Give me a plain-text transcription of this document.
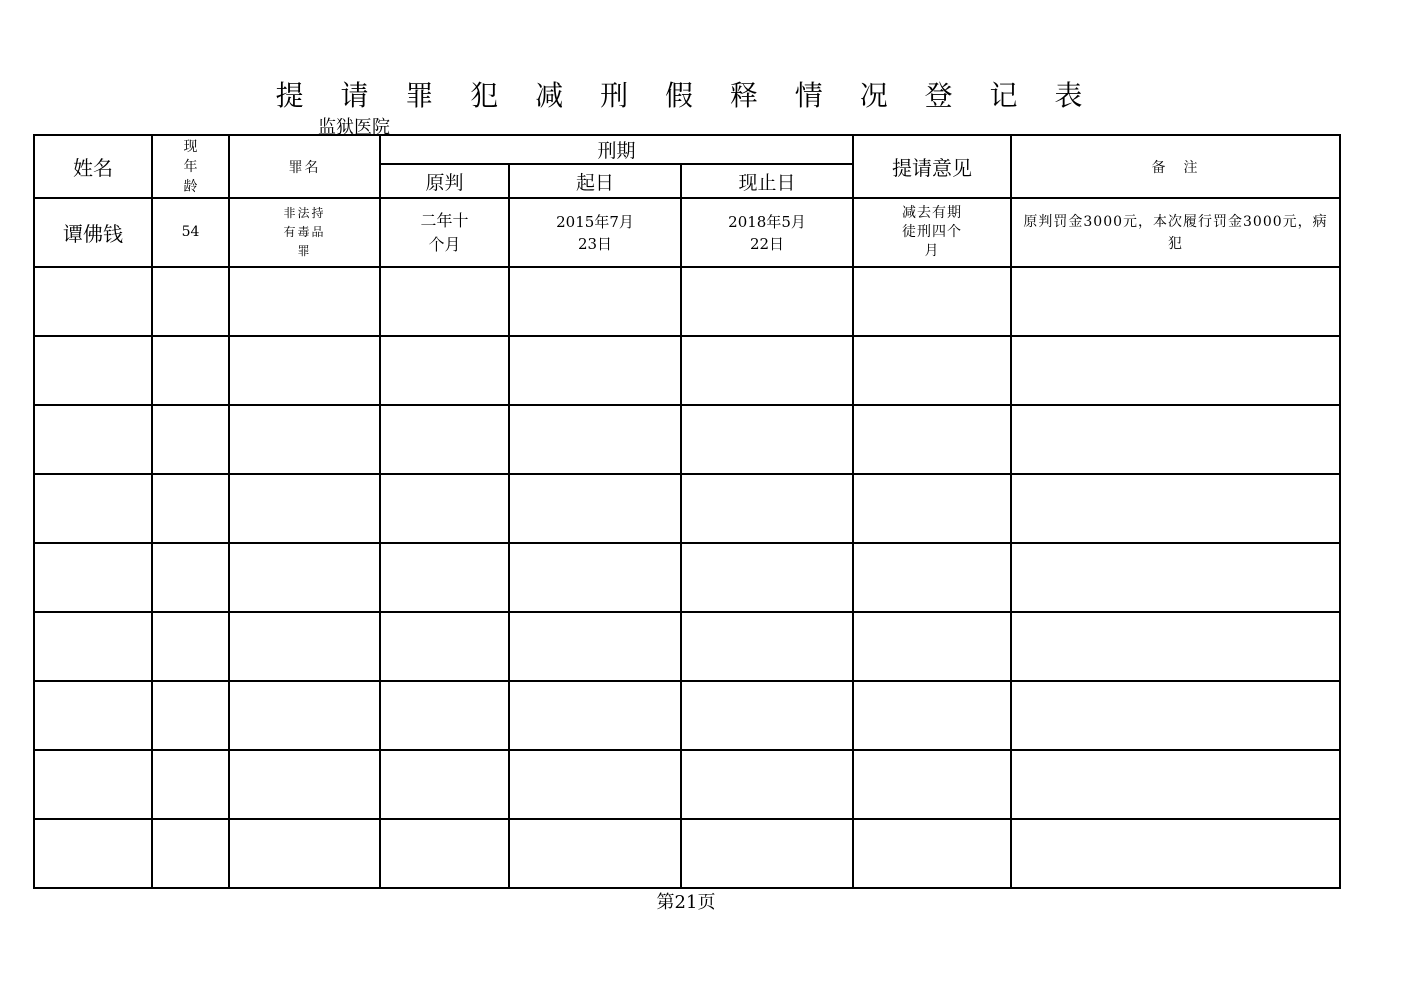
提 请 罪 犯 减 刑 假 释 情 况 登 记 表
监狱医院
姓名	现
年
龄	罪名	刑期			提请意见	备　注
			原判	起日	现止日		
谭佛钱	54	非法持
有毒品
罪	二年十
个月	2015年7月
23日	2018年5月
22日	减去有期
徒刑四个
月	原判罚金3000元，本次履行罚金3000元，病
犯

第21页
